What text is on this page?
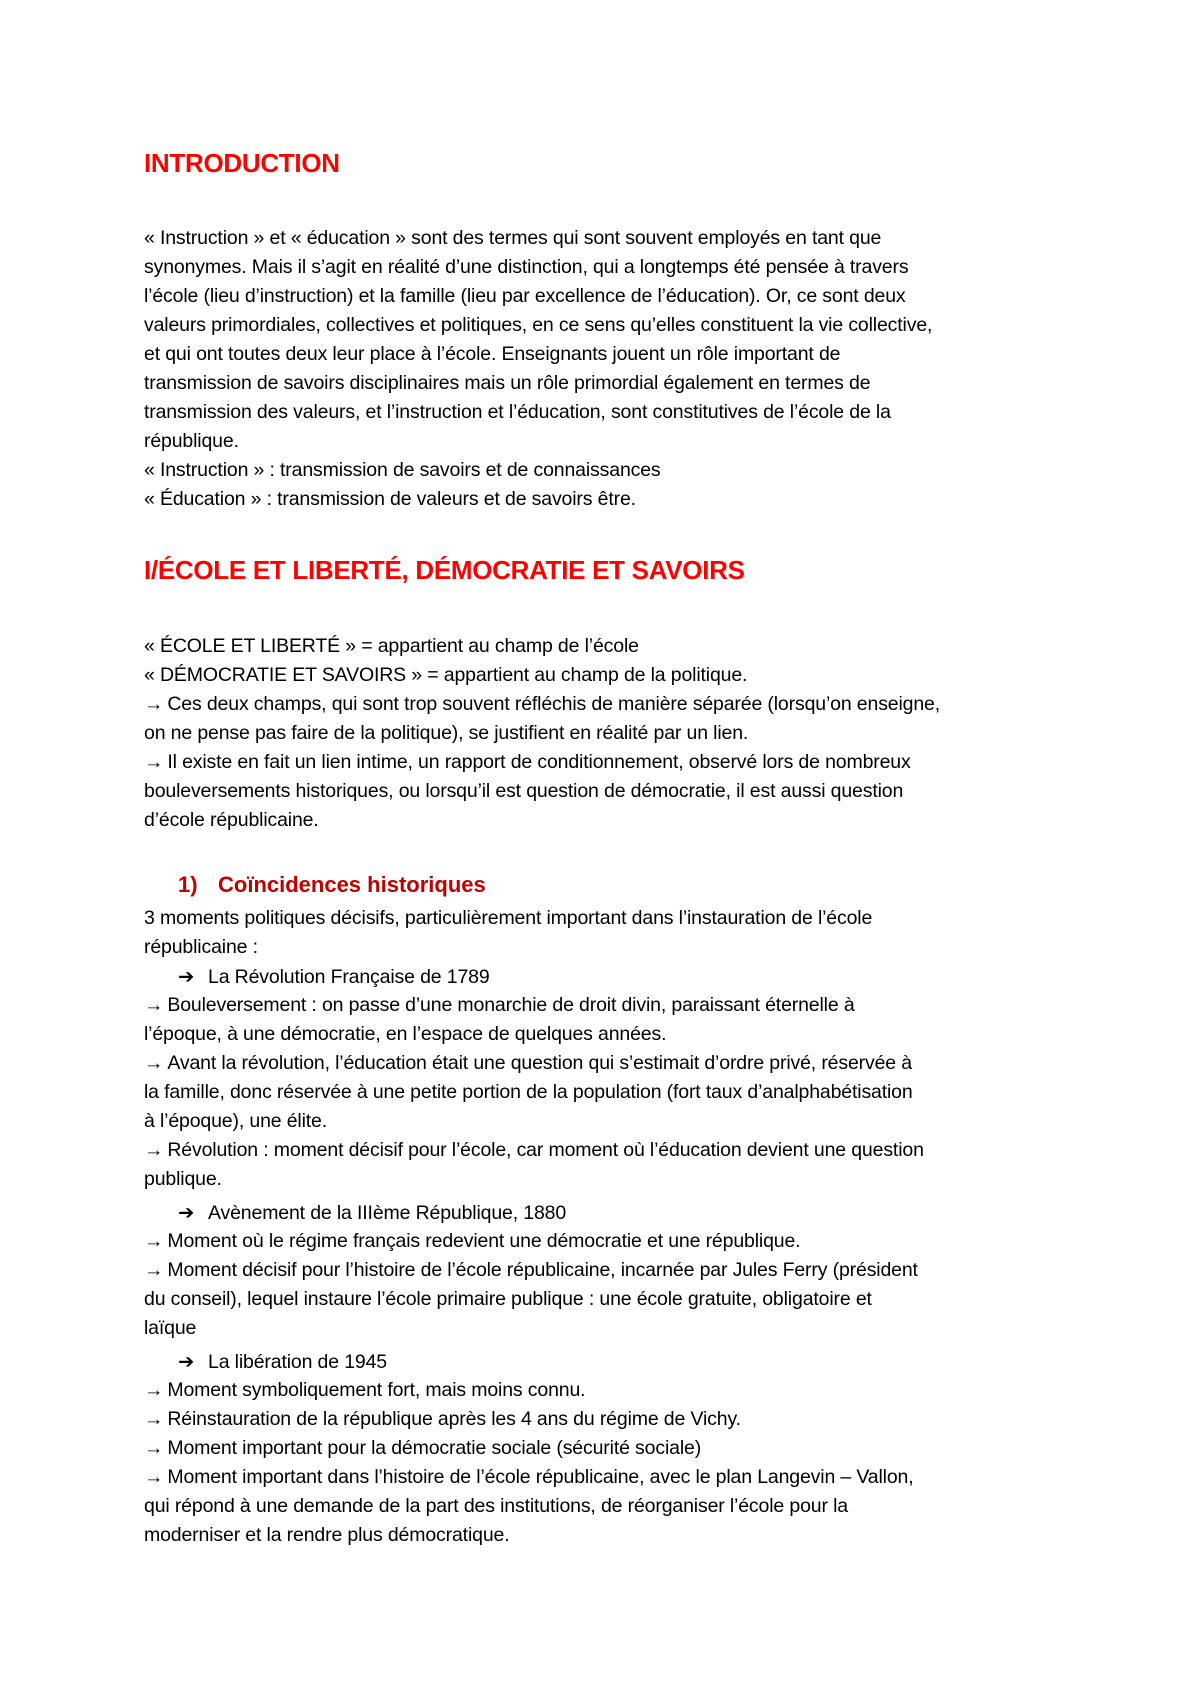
INTRODUCTION
« Instruction » et « éducation » sont des termes qui sont souvent employés en tant que
synonymes. Mais il s’agit en réalité d’une distinction, qui a longtemps été pensée à travers
l’école (lieu d’instruction) et la famille (lieu par excellence de l’éducation). Or, ce sont deux
valeurs primordiales, collectives et politiques, en ce sens qu’elles constituent la vie collective,
et qui ont toutes deux leur place à l’école. Enseignants jouent un rôle important de
transmission de savoirs disciplinaires mais un rôle primordial également en termes de
transmission des valeurs, et l’instruction et l’éducation, sont constitutives de l’école de la
république.
« Instruction » : transmission de savoirs et de connaissances
« Éducation » : transmission de valeurs et de savoirs être.
I/ÉCOLE ET LIBERTÉ, DÉMOCRATIE ET SAVOIRS
« ÉCOLE ET LIBERTÉ » = appartient au champ de l’école
« DÉMOCRATIE ET SAVOIRS » = appartient au champ de la politique.
→ Ces deux champs, qui sont trop souvent réfléchis de manière séparée (lorsqu’on enseigne,
on ne pense pas faire de la politique), se justifient en réalité par un lien.
→ Il existe en fait un lien intime, un rapport de conditionnement, observé lors de nombreux
bouleversements historiques, ou lorsqu’il est question de démocratie, il est aussi question
d’école républicaine.
1) Coïncidences historiques
3 moments politiques décisifs, particulièrement important dans l’instauration de l’école
républicaine :
➔ La Révolution Française de 1789
→ Bouleversement : on passe d’une monarchie de droit divin, paraissant éternelle à
l’époque, à une démocratie, en l’espace de quelques années.
→ Avant la révolution, l’éducation était une question qui s’estimait d’ordre privé, réservée à
la famille, donc réservée à une petite portion de la population (fort taux d’analphabétisation
à l’époque), une élite.
→ Révolution : moment décisif pour l’école, car moment où l’éducation devient une question
publique.
➔ Avènement de la IIIème République, 1880
→ Moment où le régime français redevient une démocratie et une république.
→ Moment décisif pour l’histoire de l’école républicaine, incarnée par Jules Ferry (président
du conseil), lequel instaure l’école primaire publique : une école gratuite, obligatoire et
laïque
➔ La libération de 1945
→ Moment symboliquement fort, mais moins connu.
→ Réinstauration de la république après les 4 ans du régime de Vichy.
→ Moment important pour la démocratie sociale (sécurité sociale)
→ Moment important dans l’histoire de l’école républicaine, avec le plan Langevin – Vallon,
qui répond à une demande de la part des institutions, de réorganiser l’école pour la
moderniser et la rendre plus démocratique.
